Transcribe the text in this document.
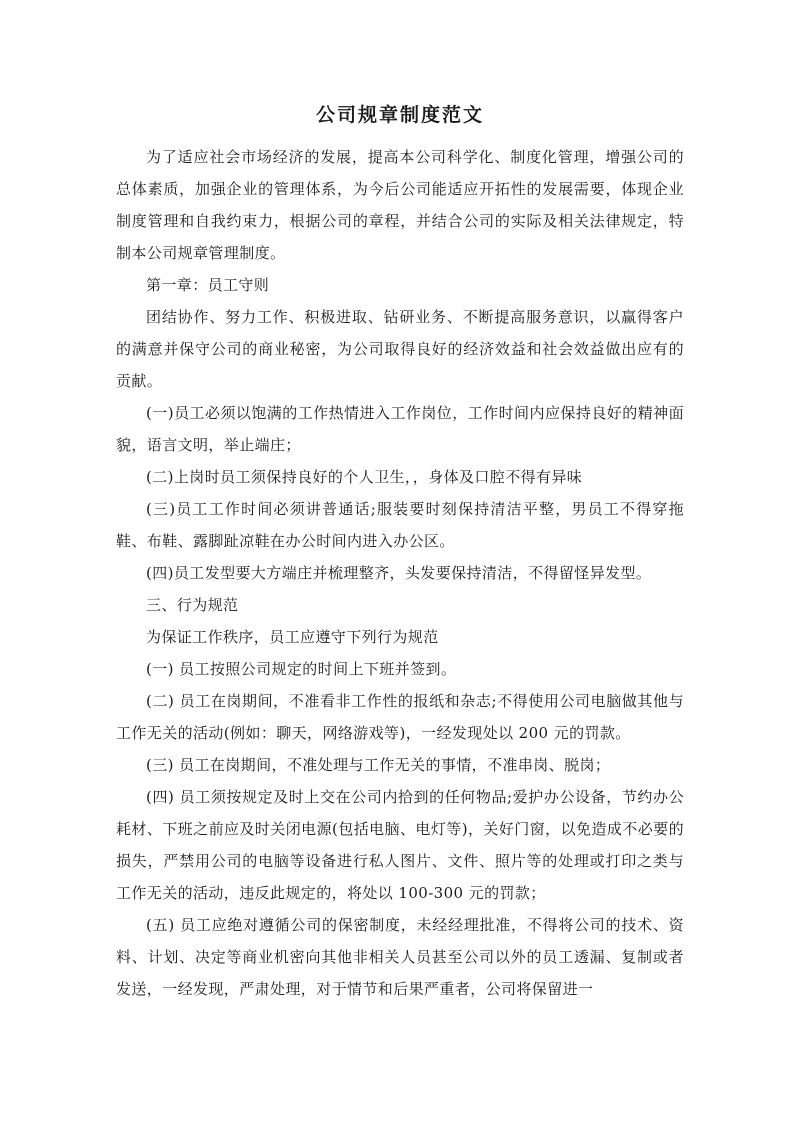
公司规章制度范文

为了适应社会市场经济的发展，提高本公司科学化、制度化管理，增强公司的总体素质，加强企业的管理体系，为今后公司能适应开拓性的发展需要，体现企业制度管理和自我约束力，根据公司的章程，并结合公司的实际及相关法律规定，特制本公司规章管理制度。

第一章：员工守则

团结协作、努力工作、积极进取、钻研业务、不断提高服务意识，以赢得客户的满意并保守公司的商业秘密，为公司取得良好的经济效益和社会效益做出应有的贡献。

(一)员工必须以饱满的工作热情进入工作岗位，工作时间内应保持良好的精神面貌，语言文明，举止端庄；

(二)上岗时员工须保持良好的个人卫生，，身体及口腔不得有异味

(三)员工工作时间必须讲普通话;服装要时刻保持清洁平整，男员工不得穿拖鞋、布鞋、露脚趾凉鞋在办公时间内进入办公区。

(四)员工发型要大方端庄并梳理整齐，头发要保持清洁，不得留怪异发型。

三、行为规范

为保证工作秩序，员工应遵守下列行为规范

(一) 员工按照公司规定的时间上下班并签到。

(二) 员工在岗期间，不准看非工作性的报纸和杂志;不得使用公司电脑做其他与工作无关的活动(例如：聊天，网络游戏等)，一经发现处以 200 元的罚款。

(三) 员工在岗期间，不准处理与工作无关的事情，不准串岗、脱岗；

(四) 员工须按规定及时上交在公司内拾到的任何物品;爱护办公设备，节约办公耗材、下班之前应及时关闭电源(包括电脑、电灯等)，关好门窗，以免造成不必要的损失，严禁用公司的电脑等设备进行私人图片、文件、照片等的处理或打印之类与工作无关的活动，违反此规定的，将处以 100-300 元的罚款；

(五) 员工应绝对遵循公司的保密制度，未经经理批准，不得将公司的技术、资料、计划、决定等商业机密向其他非相关人员甚至公司以外的员工透漏、复制或者发送，一经发现，严肃处理，对于情节和后果严重者，公司将保留进一
